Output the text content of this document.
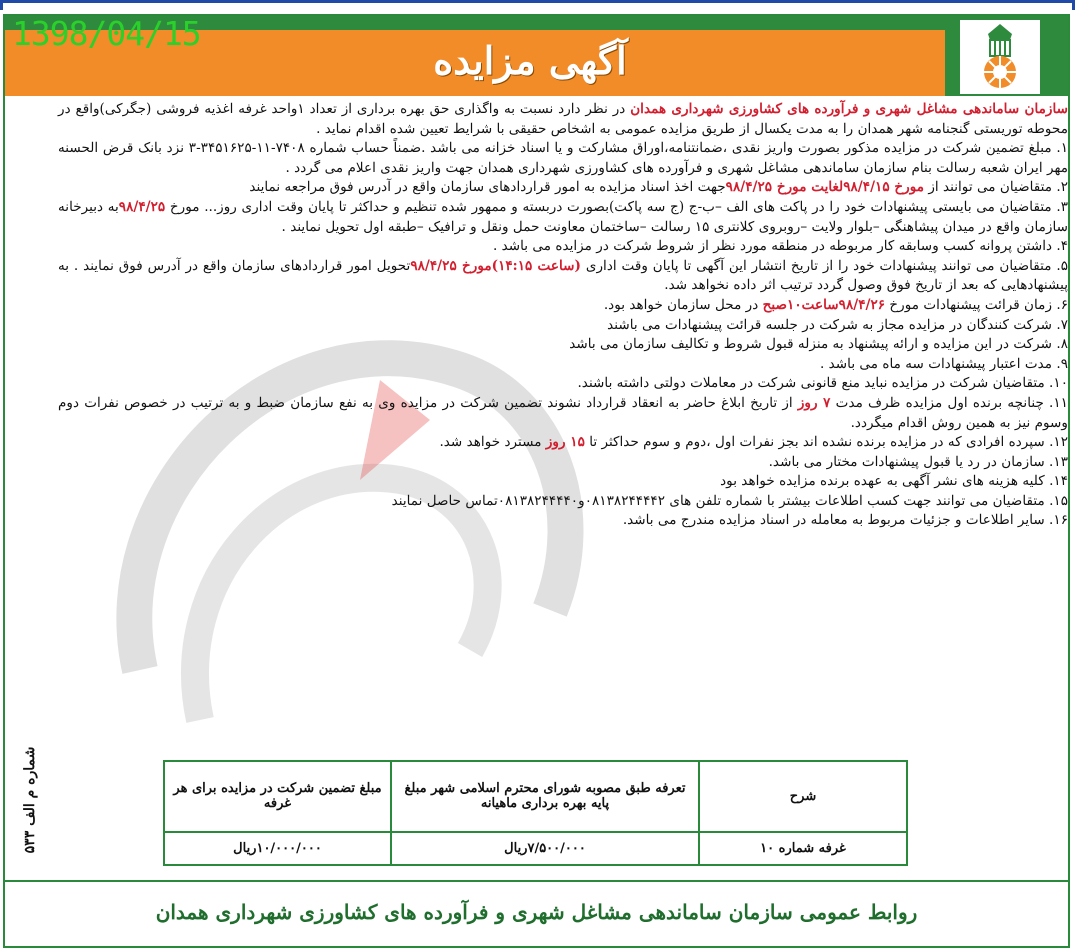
1398/04/15
آگهی مزایده

سازمان ساماندهی مشاغل شهری و فرآورده های کشاورزی شهرداری همدان در نظر دارد نسبت به واگذاری حق بهره برداری از تعداد ۱واحد غرفه اغذیه فروشی (جگرکی)واقع در محوطه توریستی گنجنامه شهر همدان را به مدت یکسال از طریق مزایده عمومی به اشخاص حقیقی با شرایط تعیین شده اقدام نماید .

۱. مبلغ تضمین شرکت در مزایده مذکور بصورت واریز نقدی ،ضمانتنامه،اوراق مشارکت و یا اسناد خزانه می باشد .ضمناً حساب شماره ۷۴۰۸-۱۱-۳۴۵۱۶۲۵-۳ نزد بانک قرض الحسنه مهر ایران شعبه رسالت بنام سازمان ساماندهی مشاغل شهری و فرآورده های کشاورزی شهرداری همدان جهت واریز نقدی اعلام می گردد .

۲. متقاضیان می توانند از مورخ ۹۸/۴/۱۵لغایت مورخ ۹۸/۴/۲۵جهت اخذ اسناد مزایده به امور قراردادهای سازمان واقع در آدرس فوق مراجعه نمایند

۳. متقاضیان می بایستی پیشنهادات خود را در پاکت های الف –ب-ج (ج سه پاکت)بصورت دربسته و ممهور شده تنظیم و حداکثر تا پایان وقت اداری روز... مورخ ۹۸/۴/۲۵به دبیرخانه سازمان واقع در میدان پیشاهنگی –بلوار ولایت –روبروی کلانتری ۱۵ رسالت –ساختمان معاونت حمل ونقل و ترافیک –طبقه اول تحویل نمایند .

۴. داشتن پروانه کسب وسابقه کار مربوطه در منطقه مورد نظر از شروط شرکت در مزایده می باشد .

۵. متقاضیان می توانند پیشنهادات خود را از تاریخ انتشار این آگهی تا پایان وقت اداری (ساعت ۱۴:۱۵)مورخ ۹۸/۴/۲۵تحویل امور قراردادهای سازمان واقع در آدرس فوق نمایند . به پیشنهادهایی که بعد از تاریخ فوق وصول گردد ترتیب اثر داده نخواهد شد.

۶. زمان قرائت پیشنهادات مورخ ۹۸/۴/۲۶ساعت۱۰صبح در محل سازمان خواهد بود.

۷. شرکت کنندگان در مزایده مجاز به شرکت در جلسه قرائت پیشنهادات می باشند

۸. شرکت در این مزایده و ارائه پیشنهاد به منزله قبول شروط و تکالیف سازمان می باشد

۹. مدت اعتبار پیشنهادات سه ماه می باشد .

۱۰. متقاضیان شرکت در مزایده نباید منع قانونی شرکت در معاملات دولتی داشته باشند.

۱۱. چنانچه برنده اول مزایده ظرف مدت ۷ روز از تاریخ ابلاغ حاضر به انعقاد قرارداد نشوند تضمین شرکت در مزایده وی به نفع سازمان ضبط و به ترتیب در خصوص نفرات دوم وسوم نیز به همین روش اقدام میگردد.

۱۲. سپرده افرادی که در مزایده برنده نشده اند بجز نفرات اول ،دوم و سوم حداکثر تا ۱۵ روز مسترد خواهد شد.

۱۳. سازمان در رد یا قبول پیشنهادات مختار می باشد.

۱۴. کلیه هزینه های نشر آگهی به عهده برنده مزایده خواهد بود

۱۵. متقاضیان می توانند جهت کسب اطلاعات بیشتر با شماره تلفن های ۰۸۱۳۸۲۴۴۴۴۲و۰۸۱۳۸۲۴۴۴۴۰تماس حاصل نمایند

۱۶. سایر اطلاعات و جزئیات مربوط به معامله در اسناد مزایده مندرج می باشد.

شماره م الف ۵۳۳	شرح	تعرفه طبق مصوبه شورای محترم اسلامی شهر مبلغ پایه بهره برداری ماهیانه	مبلغ تضمین شرکت در مزایده برای هر غرفه
غرفه شماره ۱۰	۷/۵۰۰/۰۰۰ریال	۱۰/۰۰۰/۰۰۰ریال
روابط عمومی سازمان ساماندهی مشاغل شهری و فرآورده های کشاورزی شهرداری همدان
